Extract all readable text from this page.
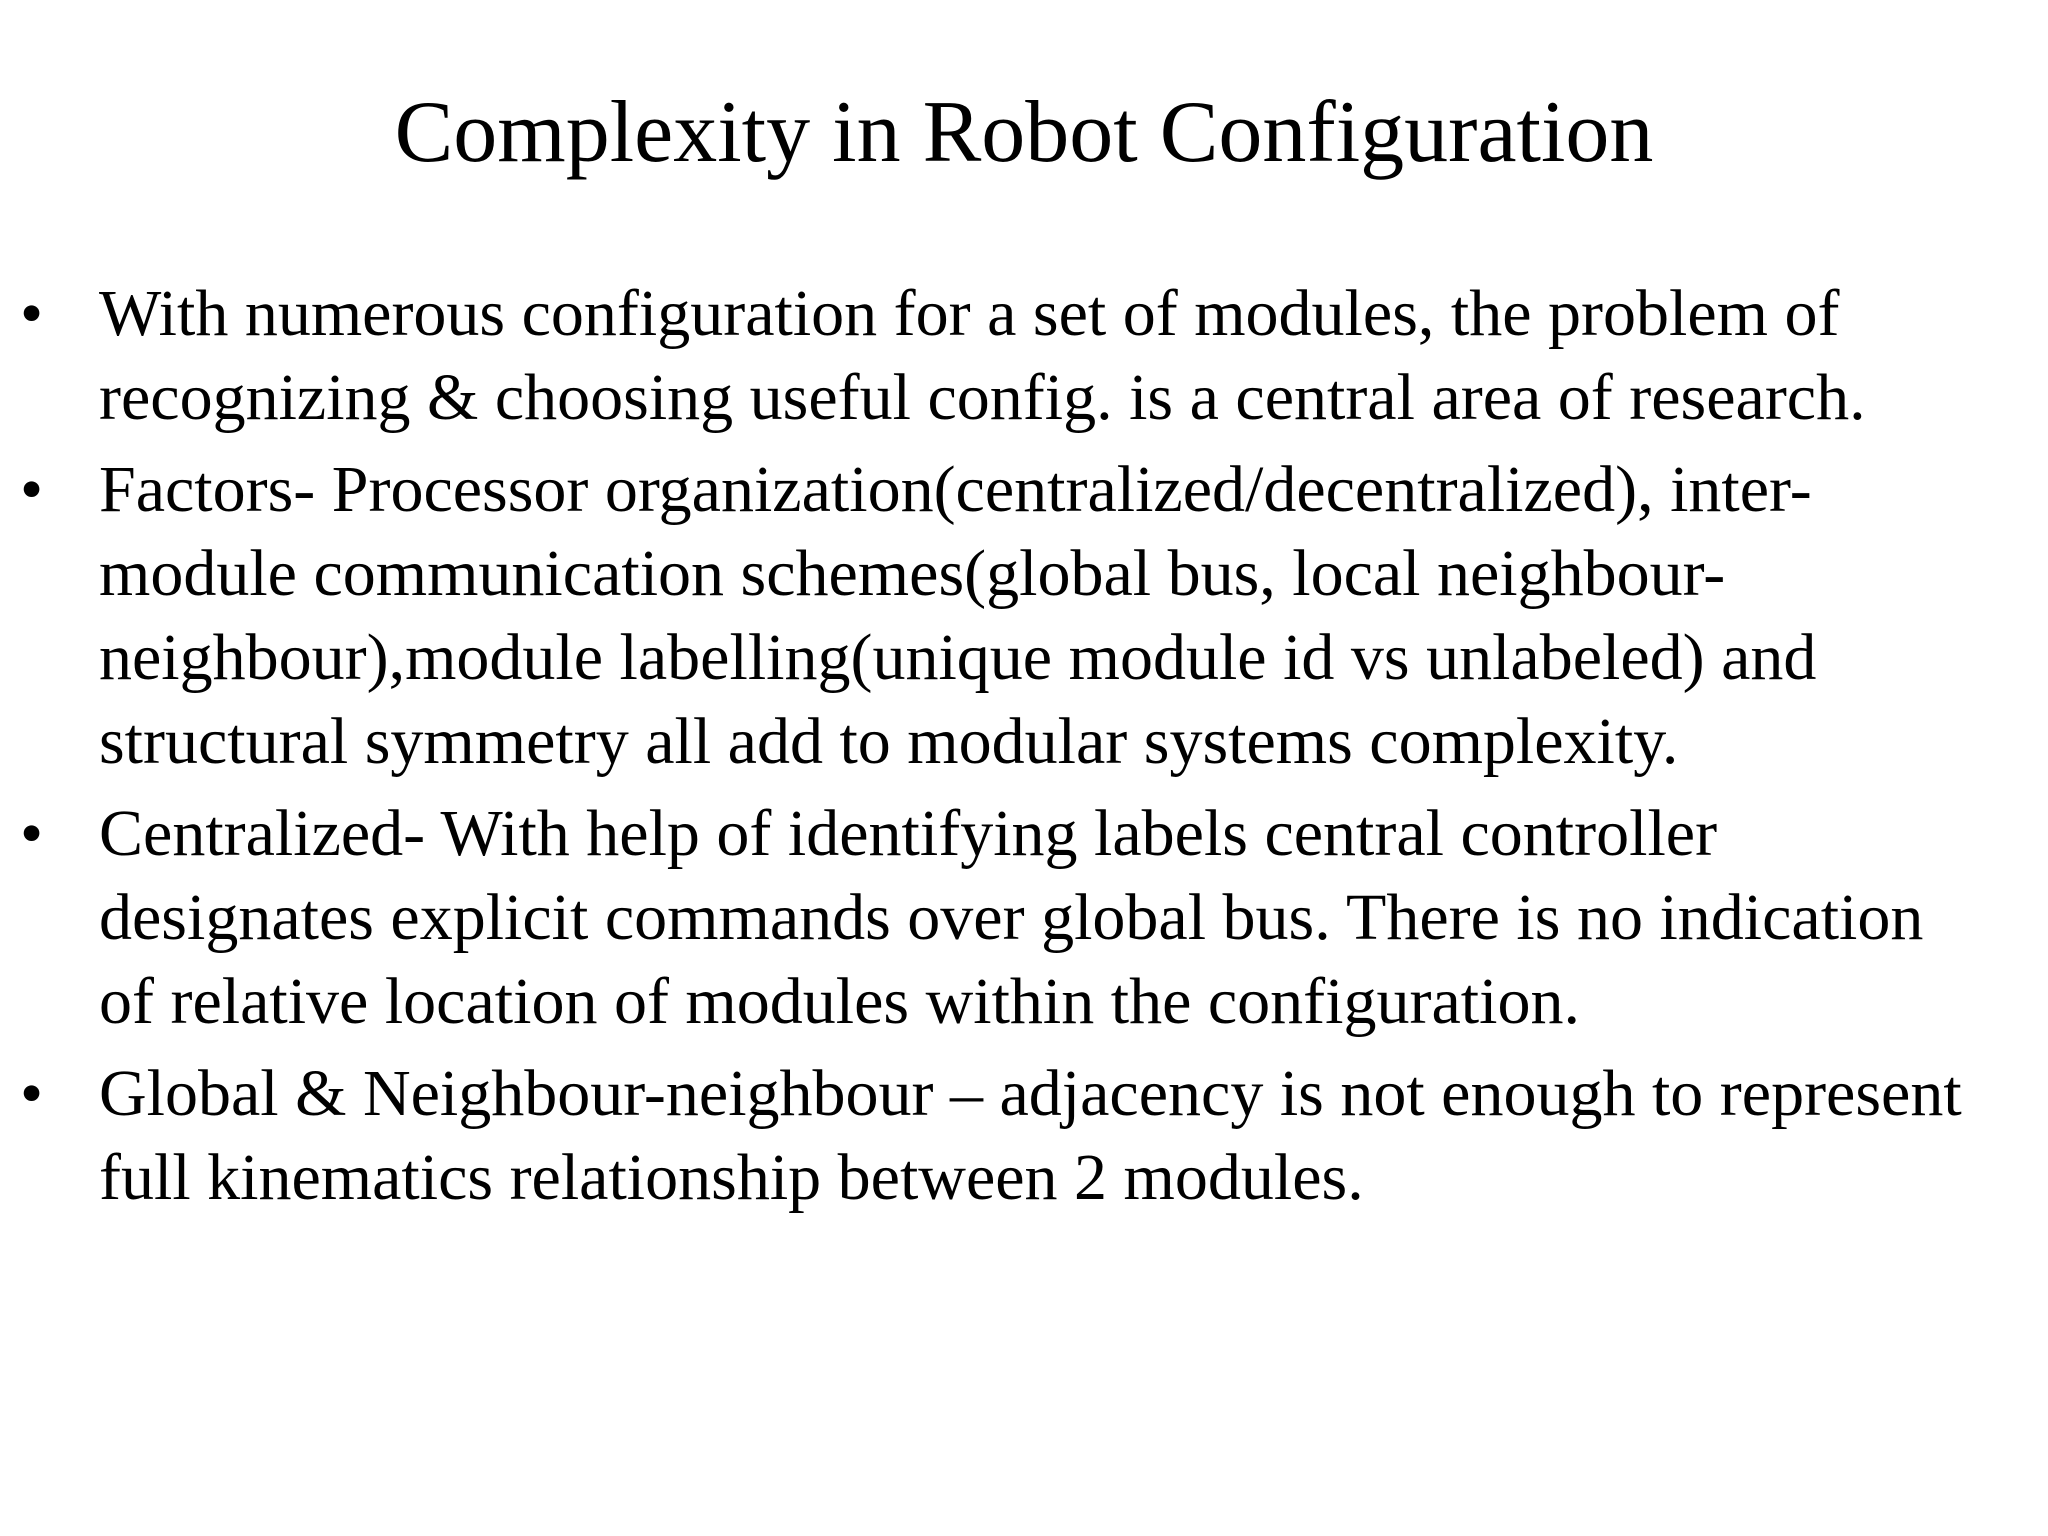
Complexity in Robot Configuration
• With numerous configuration for a set of modules, the problem of
recognizing & choosing useful config. is a central area of research.
• Factors- Processor organization(centralized/decentralized), inter-
module communication schemes(global bus, local neighbour-
neighbour),module labelling(unique module id vs unlabeled) and
structural symmetry all add to modular systems complexity.
• Centralized- With help of identifying labels central controller
designates explicit commands over global bus. There is no indication
of relative location of modules within the configuration.
• Global & Neighbour-neighbour – adjacency is not enough to represent
full kinematics relationship between 2 modules.
